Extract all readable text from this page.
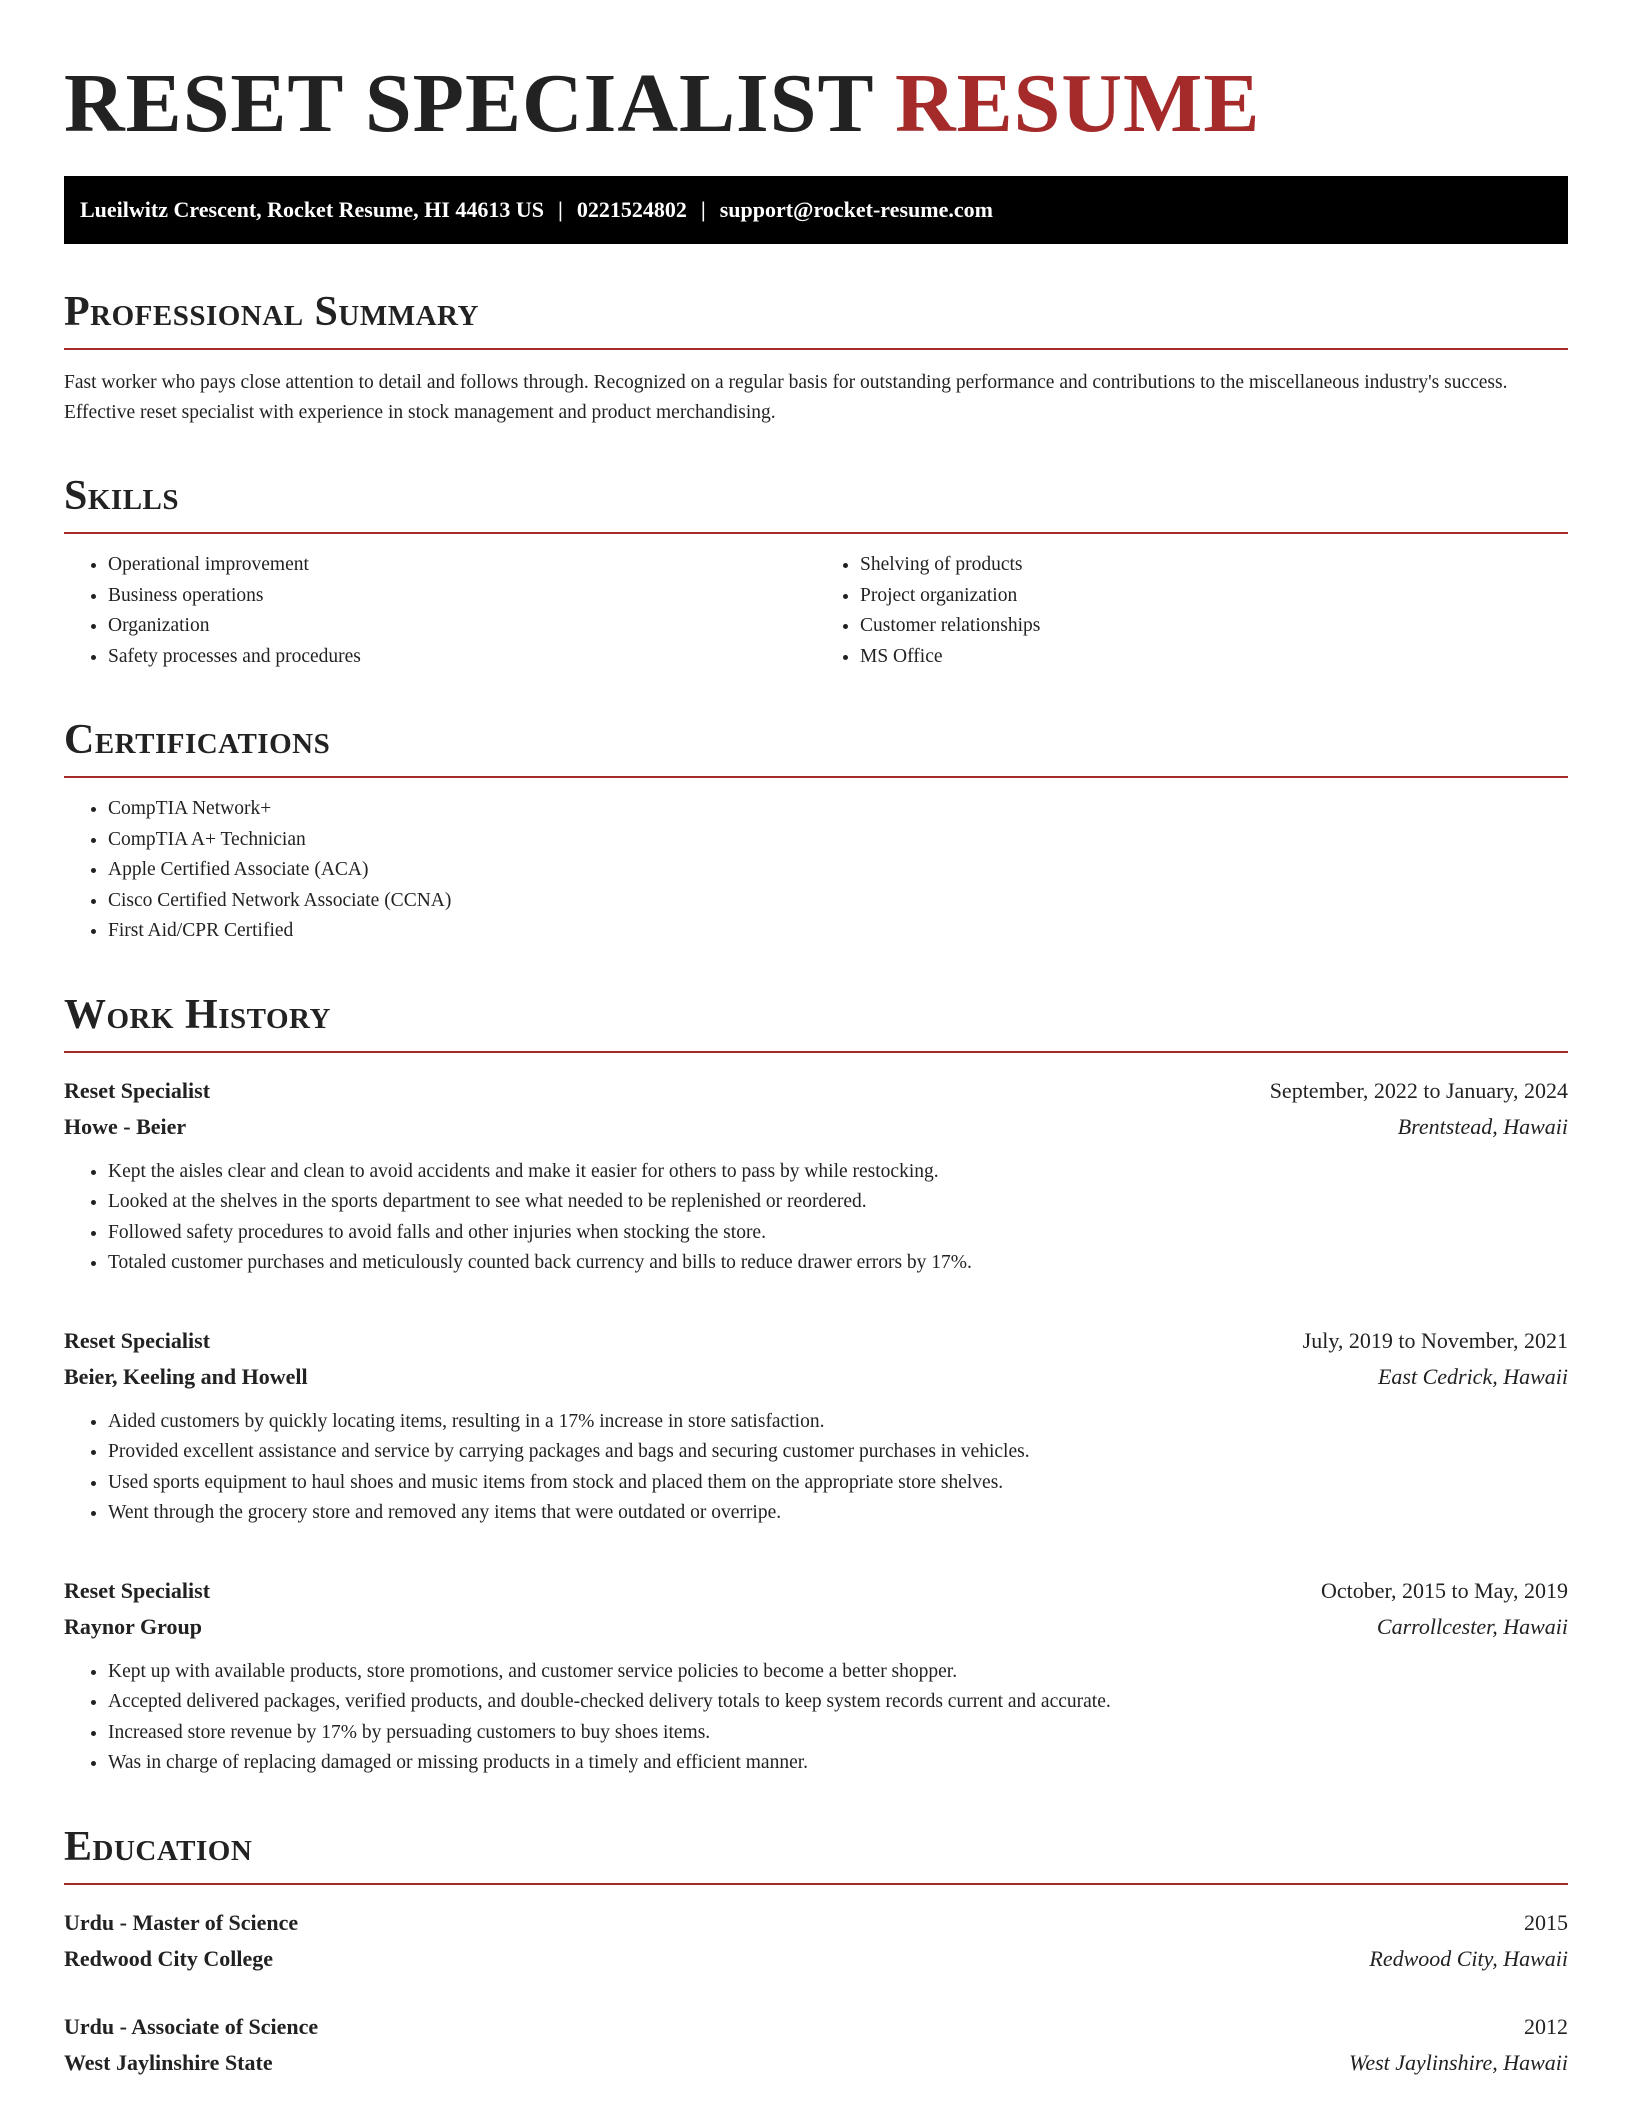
RESET SPECIALIST RESUME
Lueilwitz Crescent, Rocket Resume, HI 44613 US | 0221524802 | support@rocket-resume.com
Professional Summary

Fast worker who pays close attention to detail and follows through. Recognized on a regular basis for outstanding performance and contributions to the miscellaneous industry's success. Effective reset specialist with experience in stock management and product merchandising.

Skills
• Operational improvement
• Business operations
• Organization
• Safety processes and procedures
• Shelving of products
• Project organization
• Customer relationships
• MS Office
Certifications
• CompTIA Network+
• CompTIA A+ Technician
• Apple Certified Associate (ACA)
• Cisco Certified Network Associate (CCNA)
• First Aid/CPR Certified
Work History
Reset Specialist	September, 2022 to January, 2024
Howe - Beier	Brentstead, Hawaii
• Kept the aisles clear and clean to avoid accidents and make it easier for others to pass by while restocking.
• Looked at the shelves in the sports department to see what needed to be replenished or reordered.
• Followed safety procedures to avoid falls and other injuries when stocking the store.
• Totaled customer purchases and meticulously counted back currency and bills to reduce drawer errors by 17%.
Reset Specialist	July, 2019 to November, 2021
Beier, Keeling and Howell	East Cedrick, Hawaii
• Aided customers by quickly locating items, resulting in a 17% increase in store satisfaction.
• Provided excellent assistance and service by carrying packages and bags and securing customer purchases in vehicles.
• Used sports equipment to haul shoes and music items from stock and placed them on the appropriate store shelves.
• Went through the grocery store and removed any items that were outdated or overripe.
Reset Specialist	October, 2015 to May, 2019
Raynor Group	Carrollcester, Hawaii
• Kept up with available products, store promotions, and customer service policies to become a better shopper.
• Accepted delivered packages, verified products, and double-checked delivery totals to keep system records current and accurate.
• Increased store revenue by 17% by persuading customers to buy shoes items.
• Was in charge of replacing damaged or missing products in a timely and efficient manner.
Education
Urdu - Master of Science	2015
Redwood City College	Redwood City, Hawaii
Urdu - Associate of Science	2012
West Jaylinshire State	West Jaylinshire, Hawaii
